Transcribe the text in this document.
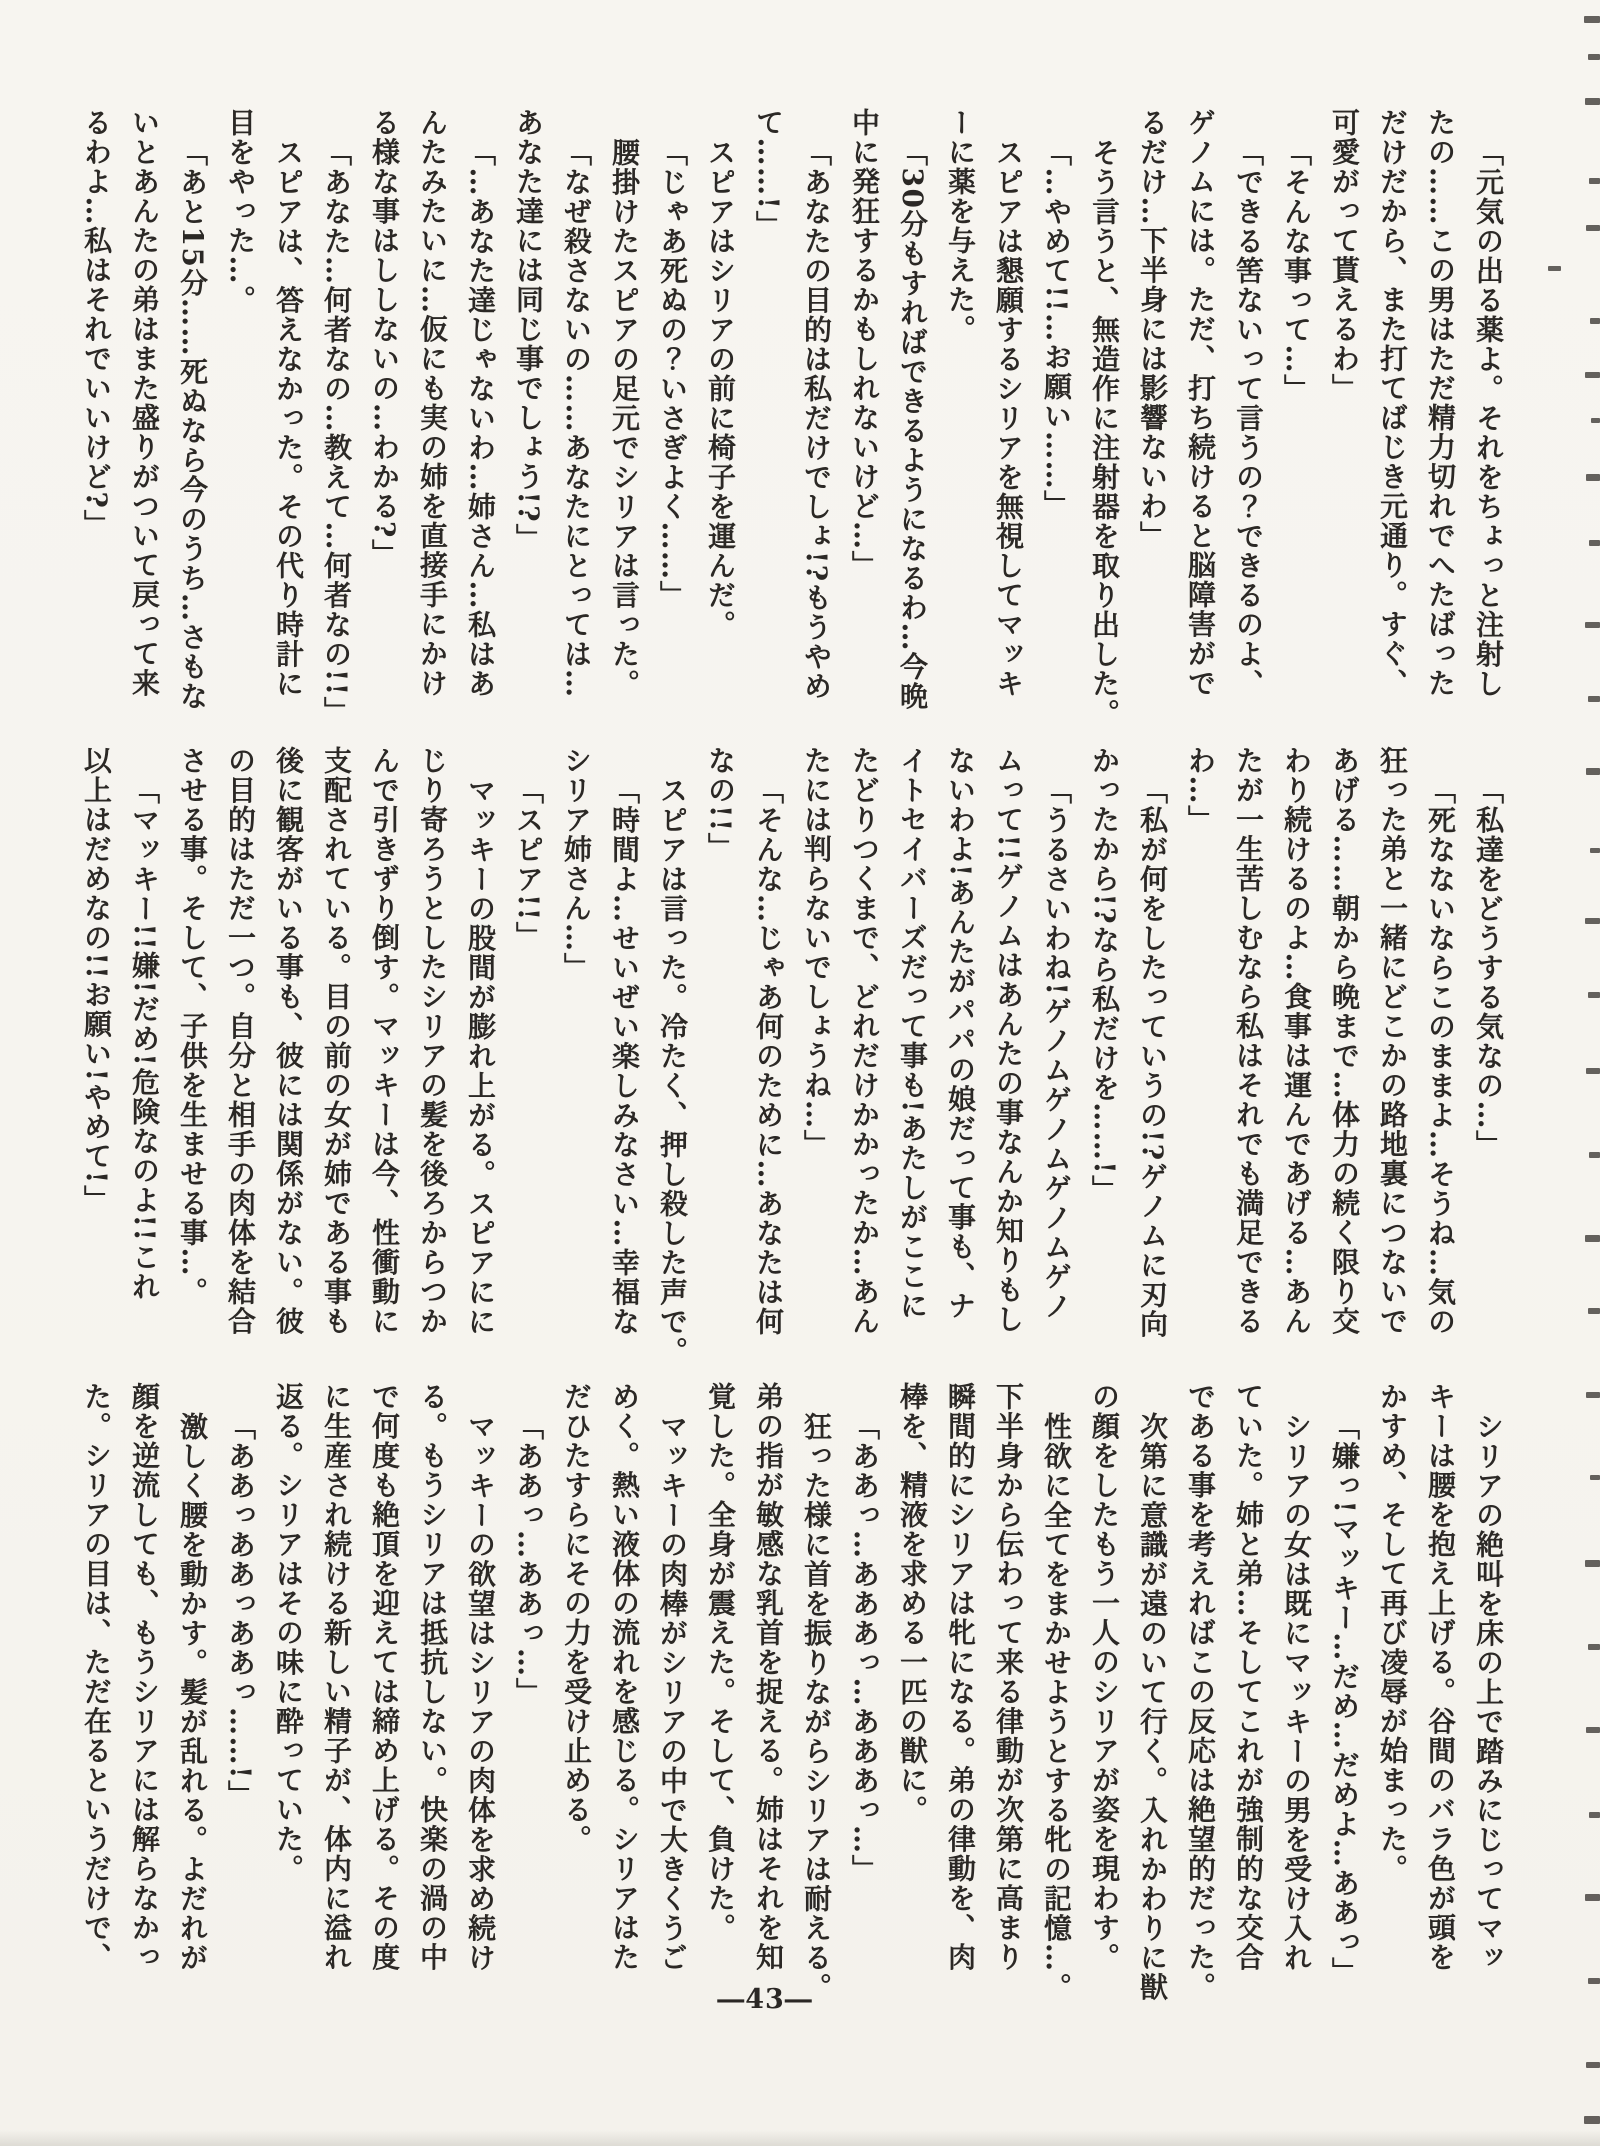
「元気の出る薬よ。それをちょっと注射し

たの……この男はただ精力切れでへたばった

だけだから、また打てばじき元通り。すぐ、

可愛がって貰えるわ」

「そんな事って…」

「できる筈ないって言うの？できるのよ、

ゲノムには。ただ、打ち続けると脳障害がで

るだけ…下半身には影響ないわ」

そう言うと、無造作に注射器を取り出した。

「…やめて!!…お願い……」

スピアは懇願するシリアを無視してマッキ

ーに薬を与えた。

「30分もすればできるようになるわ…今晩

中に発狂するかもしれないけど…」

「あなたの目的は私だけでしょ!?もうやめ

て……!」

スピアはシリアの前に椅子を運んだ。

「じゃあ死ぬの？いさぎよく……」

腰掛けたスピアの足元でシリアは言った。

「なぜ殺さないの……あなたにとっては…

あなた達には同じ事でしょう!?」

「…あなた達じゃないわ…姉さん…私はあ

んたみたいに…仮にも実の姉を直接手にかけ

る様な事はししないの…わかる?」

「あなた…何者なの…教えて…何者なの!!」

スピアは、答えなかった。その代り時計に

目をやった…。

「あと15分……死ぬなら今のうち…さもな

いとあんたの弟はまた盛りがついて戻って来

るわよ…私はそれでいいけど?」

「私達をどうする気なの…」

「死なないならこのままよ…そうね…気の

狂った弟と一緒にどこかの路地裏につないで

あげる……朝から晩まで…体力の続く限り交

わり続けるのよ…食事は運んであげる…あん

たが一生苦しむなら私はそれでも満足できる

わ…」

「私が何をしたっていうの!?ゲノムに刃向

かったから!?なら私だけを……!」

「うるさいわね!ゲノムゲノムゲノムゲノ

ムって!!ゲノムはあんたの事なんか知りもし

ないわよ!あんたがパパの娘だって事も、ナ

イトセイバーズだって事も!あたしがここに

たどりつくまで、どれだけかかったか…あん

たには判らないでしょうね…」

「そんな…じゃあ何のために…あなたは何

なの!!」

スピアは言った。冷たく、押し殺した声で。

「時間よ…せいぜい楽しみなさい…幸福な

シリア姉さん…」

「スピア!!」

マッキーの股間が膨れ上がる。スピアにに

じり寄ろうとしたシリアの髪を後ろからつか

んで引きずり倒す。マッキーは今、性衝動に

支配されている。目の前の女が姉である事も

後に観客がいる事も、彼には関係がない。彼

の目的はただ一つ。自分と相手の肉体を結合

させる事。そして、子供を生ませる事…。

「マッキー!!嫌!だめ!危険なのよ!!これ

以上はだめなの!!お願い!やめて!」

シリアの絶叫を床の上で踏みにじってマッ

キーは腰を抱え上げる。谷間のバラ色が頭を

かすめ、そして再び凌辱が始まった。

「嫌っ!マッキー…だめ…だめよ…ああっ」

シリアの女は既にマッキーの男を受け入れ

ていた。姉と弟…そしてこれが強制的な交合

である事を考えればこの反応は絶望的だった。

次第に意識が遠のいて行く。入れかわりに獣

の顔をしたもう一人のシリアが姿を現わす。

性欲に全てをまかせようとする牝の記憶…。

下半身から伝わって来る律動が次第に高まり

瞬間的にシリアは牝になる。弟の律動を、肉

棒を、精液を求める一匹の獣に。

「ああっ…あああっ…あああっ…」

狂った様に首を振りながらシリアは耐える。

弟の指が敏感な乳首を捉える。姉はそれを知

覚した。全身が震えた。そして、負けた。

マッキーの肉棒がシリアの中で大きくうご

めく。熱い液体の流れを感じる。シリアはた

だひたすらにその力を受け止める。

「ああっ…ああっ…」

マッキーの欲望はシリアの肉体を求め続け

る。もうシリアは抵抗しない。快楽の渦の中

で何度も絶頂を迎えては締め上げる。その度

に生産され続ける新しい精子が、体内に溢れ

返る。シリアはその味に酔っていた。

「ああっああっああっ……!」

激しく腰を動かす。髪が乱れる。よだれが

顔を逆流しても、もうシリアには解らなかっ

た。シリアの目は、ただ在るというだけで、

―43―
